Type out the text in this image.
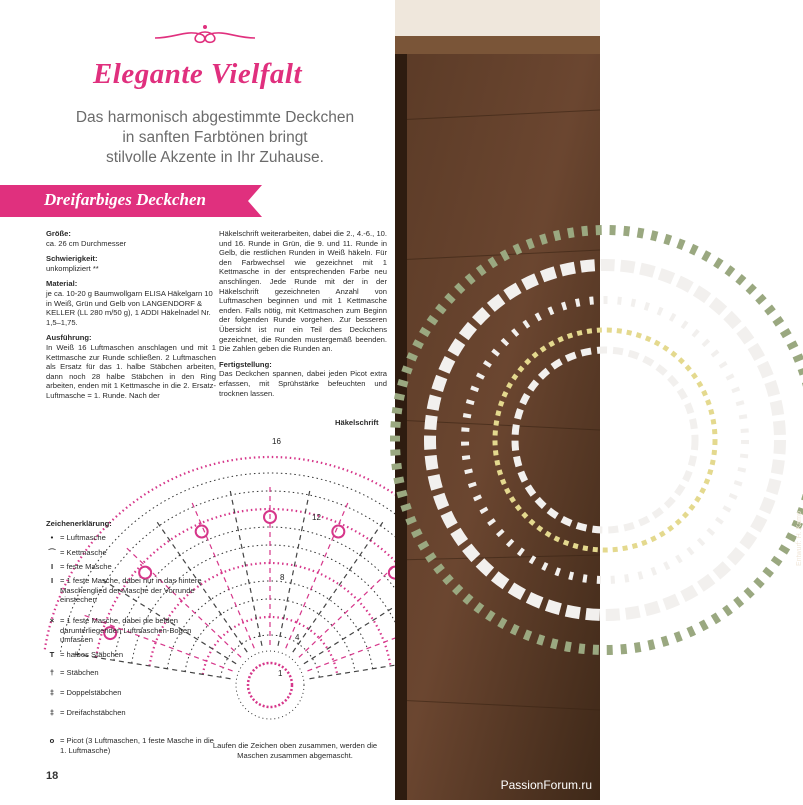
Elegante Vielfalt
Das harmonisch abgestimmte Deckchen
in sanften Farbtönen bringt
stilvolle Akzente in Ihr Zuhause.
Dreifarbiges Deckchen
Größe:

ca. 26 cm Durchmesser

Schwierigkeit:

unkompliziert **

Material:

je ca. 10-20 g Baumwollgarn ELISA Häkelgarn 10 in Weiß, Grün und Gelb von LANGENDORF & KELLER (LL 280 m/50 g), 1 ADDI Häkelnadel Nr. 1,5–1,75.

Ausführung:

In Weiß 16 Luftmaschen anschlagen und mit 1 Kettmasche zur Runde schließen. 2 Luftmaschen als Ersatz für das 1. halbe Stäbchen arbeiten, dann noch 28 halbe Stäbchen in den Ring arbeiten, enden mit 1 Kettmasche in die 2. Ersatz-Luftmasche = 1. Runde. Nach der

Häkelschrift weiterarbeiten, dabei die 2., 4.-6., 10. und 16. Runde in Grün, die 9. und 11. Runde in Gelb, die restlichen Runden in Weiß häkeln. Für den Farbwechsel wie gezeichnet mit 1 Kettmasche in der entsprechenden Farbe neu anschlingen. Jede Runde mit der in der Häkelschrift gezeichneten Anzahl von Luftmaschen beginnen und mit 1 Kettmasche enden. Falls nötig, mit Kettmaschen zum Beginn der folgenden Runde vorgehen. Zur besseren Übersicht ist nur ein Teil des Deckchens gezeichnet, die Runden mustergemäß beenden. Die Zahlen geben die Runden an.

Fertigstellung:

Das Deckchen spannen, dabei jeden Picot extra erfassen, mit Sprühstärke befeuchten und trocknen lassen.

Häkelschrift
16
12
8
4
1
Zeichenerklärung:
• = Luftmasche
⌒ = Kettmasche
I = feste Masche
I = 1 feste Masche, dabei nur in das hintere Maschenglied der Masche der Vorrunde einstechen
× = 1 feste Masche, dabei die beiden darunterliegenden Luftmaschen-Bogen umfassen
T = halbes Stäbchen
† = Stäbchen
‡ = Doppelstäbchen
‡ = Dreifachstäbchen
o = Picot (3 Luftmaschen, 1 feste Masche in die 1. Luftmasche)
Laufen die Zeichen oben zusammen, werden die Maschen zusammen abgemascht.
18
Entwurf: H. Kamp
PassionForum.ru
